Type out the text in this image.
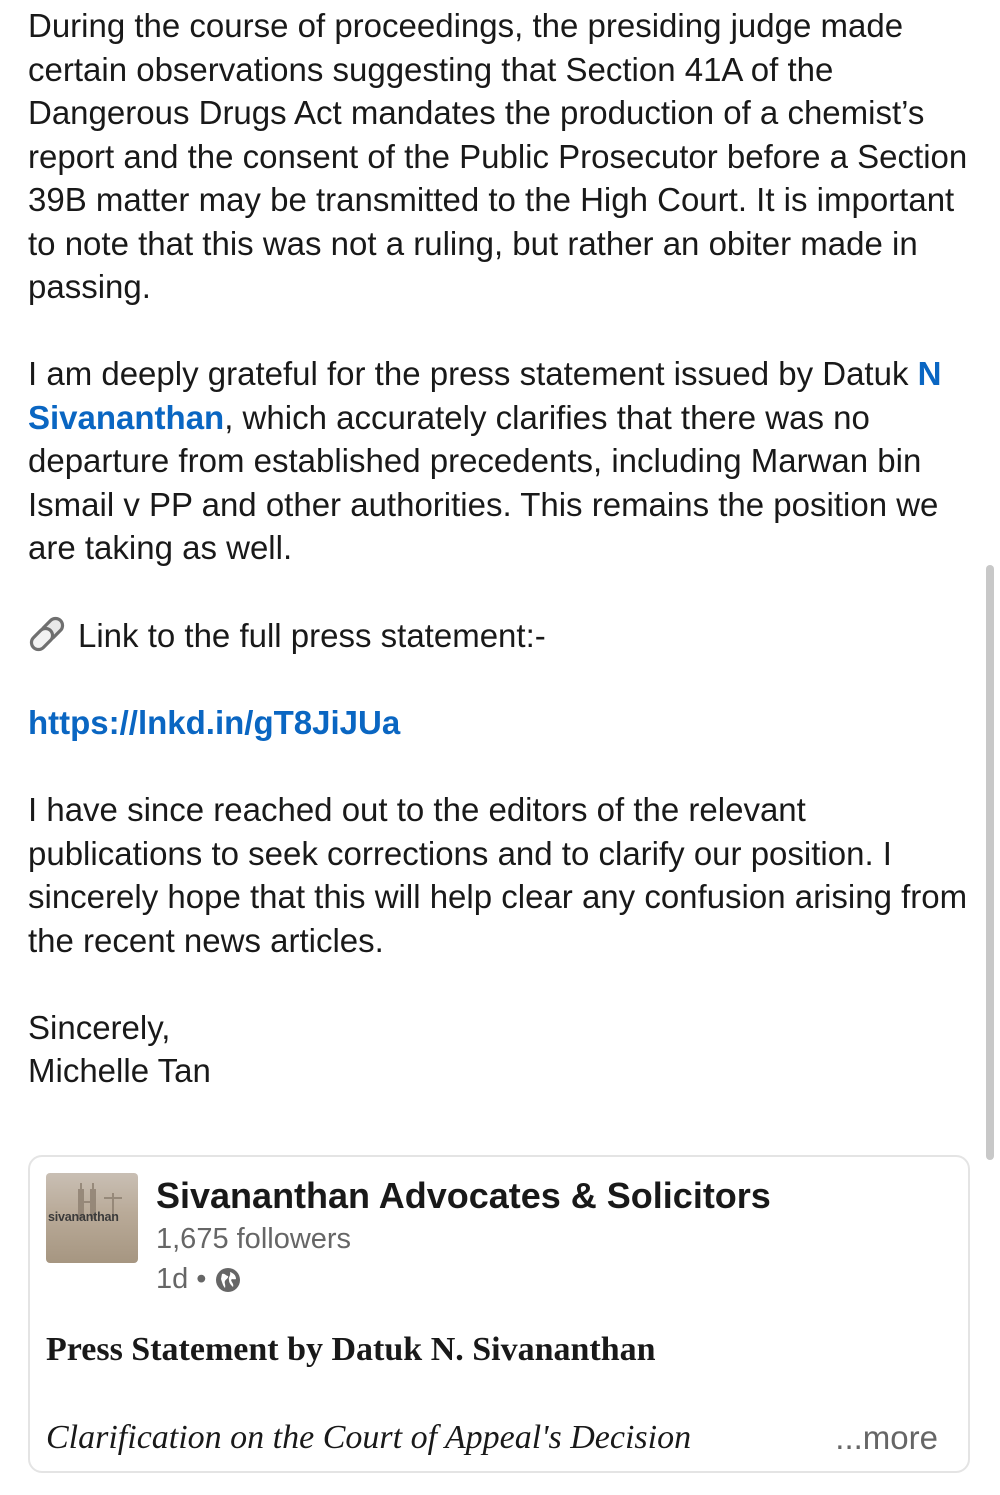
During the course of proceedings, the presiding judge made certain observations suggesting that Section 41A of the Dangerous Drugs Act mandates the production of a chemist’s report and the consent of the Public Prosecutor before a Section 39B matter may be transmitted to the High Court. It is important to note that this was not a ruling, but rather an obiter made in passing.

I am deeply grateful for the press statement issued by Datuk N Sivananthan, which accurately clarifies that there was no departure from established precedents, including Marwan bin Ismail v PP and other authorities. This remains the position we are taking as well.

Link to the full press statement:-

https://lnkd.in/gT8JiJUa

I have since reached out to the editors of the relevant publications to seek corrections and to clarify our position. I sincerely hope that this will help clear any confusion arising from the recent news articles.

Sincerely,
Michelle Tan

sivananthan
Sivananthan Advocates & Solicitors
1,675 followers
1d •
Press Statement by Datuk N. Sivananthan
Clarification on the Court of Appeal's Decision	...more
